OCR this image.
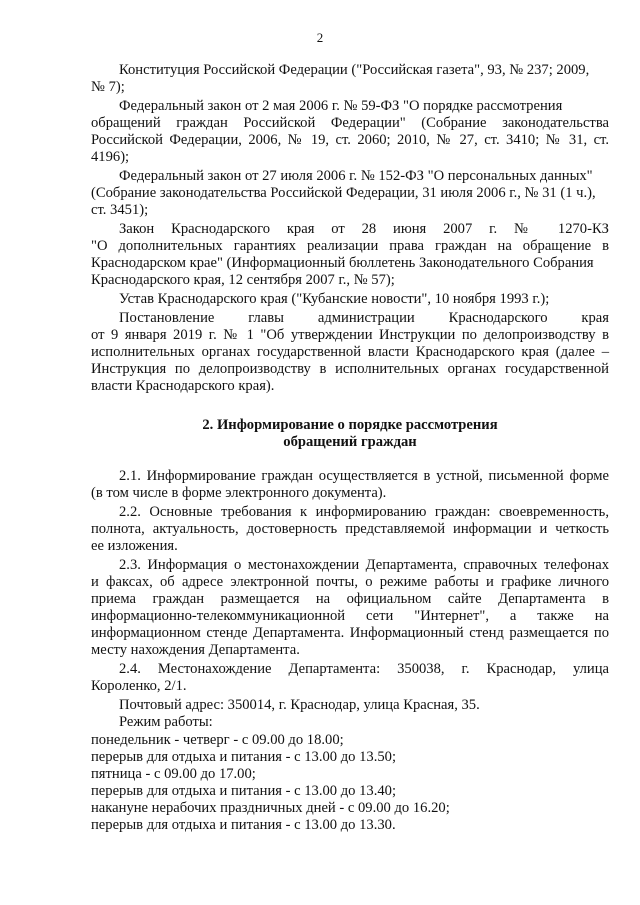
2
Конституция Российской Федерации ("Российская газета", 93, № 237; 2009,
№ 7);
Федеральный закон от 2 мая 2006 г. № 59-ФЗ "О порядке рассмотрения
обращений граждан Российской Федерации" (Собрание законодательства
Российской Федерации, 2006, № 19, ст. 2060; 2010, № 27, ст. 3410; № 31, ст.
4196);
Федеральный закон от 27 июля 2006 г. № 152-ФЗ "О персональных данных"
(Собрание законодательства Российской Федерации, 31 июля 2006 г., № 31 (1 ч.),
ст. 3451);
Закон Краснодарского края от 28 июня 2007 г. № 1270-КЗ
"О дополнительных гарантиях реализации права граждан на обращение в
Краснодарском крае" (Информационный бюллетень Законодательного Собрания
Краснодарского края, 12 сентября 2007 г., № 57);
Устав Краснодарского края ("Кубанские новости", 10 ноября 1993 г.);
Постановление главы администрации Краснодарского края
от 9 января 2019 г. № 1 "Об утверждении Инструкции по делопроизводству в
исполнительных органах государственной власти Краснодарского края (далее –
Инструкция по делопроизводству в исполнительных органах государственной
власти Краснодарского края).
2. Информирование о порядке рассмотрения
обращений граждан
2.1. Информирование граждан осуществляется в устной, письменной форме
(в том числе в форме электронного документа).
2.2. Основные требования к информированию граждан: своевременность,
полнота, актуальность, достоверность представляемой информации и четкость
ее изложения.
2.3. Информация о местонахождении Департамента, справочных телефонах
и факсах, об адресе электронной почты, о режиме работы и графике личного
приема граждан размещается на официальном сайте Департамента в
информационно-телекоммуникационной сети "Интернет", а также на
информационном стенде Департамента. Информационный стенд размещается по
месту нахождения Департамента.
2.4. Местонахождение Департамента: 350038, г. Краснодар, улица
Короленко, 2/1.
Почтовый адрес: 350014, г. Краснодар, улица Красная, 35.
Режим работы:
понедельник - четверг - с 09.00 до 18.00;
перерыв для отдыха и питания - с 13.00 до 13.50;
пятница - с 09.00 до 17.00;
перерыв для отдыха и питания - с 13.00 до 13.40;
накануне нерабочих праздничных дней - с 09.00 до 16.20;
перерыв для отдыха и питания - с 13.00 до 13.30.
